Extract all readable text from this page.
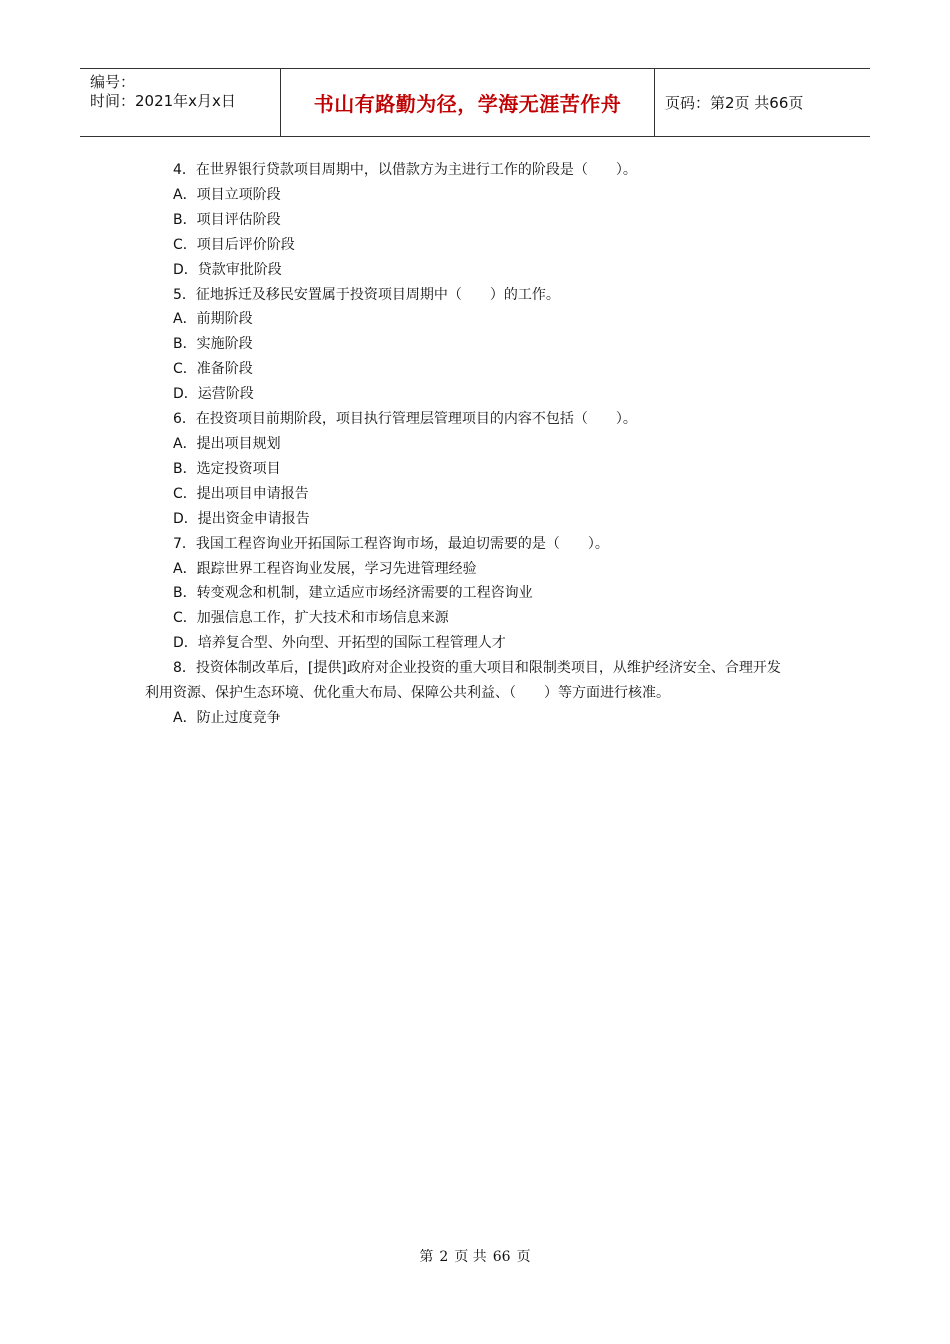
编号：
时间：2021年x月x日	书山有路勤为径，学海无涯苦作舟	页码：第2页 共66页
4．在世界银行贷款项目周期中，以借款方为主进行工作的阶段是（　　）。
A．项目立项阶段
B．项目评估阶段
C．项目后评价阶段
D．贷款审批阶段
5．征地拆迁及移民安置属于投资项目周期中（　　）的工作。
A．前期阶段
B．实施阶段
C．准备阶段
D．运营阶段
6．在投资项目前期阶段，项目执行管理层管理项目的内容不包括（　　）。
A．提出项目规划
B．选定投资项目
C．提出项目申请报告
D．提出资金申请报告
7．我国工程咨询业开拓国际工程咨询市场，最迫切需要的是（　　）。
A．跟踪世界工程咨询业发展，学习先进管理经验
B．转变观念和机制，建立适应市场经济需要的工程咨询业
C．加强信息工作，扩大技术和市场信息来源
D．培养复合型、外向型、开拓型的国际工程管理人才
8．投资体制改革后，[提供]政府对企业投资的重大项目和限制类项目，从维护经济安全、合理开发
利用资源、保护生态环境、优化重大布局、保障公共利益、（　　）等方面进行核准。
A．防止过度竞争
第 2 页 共 66 页
